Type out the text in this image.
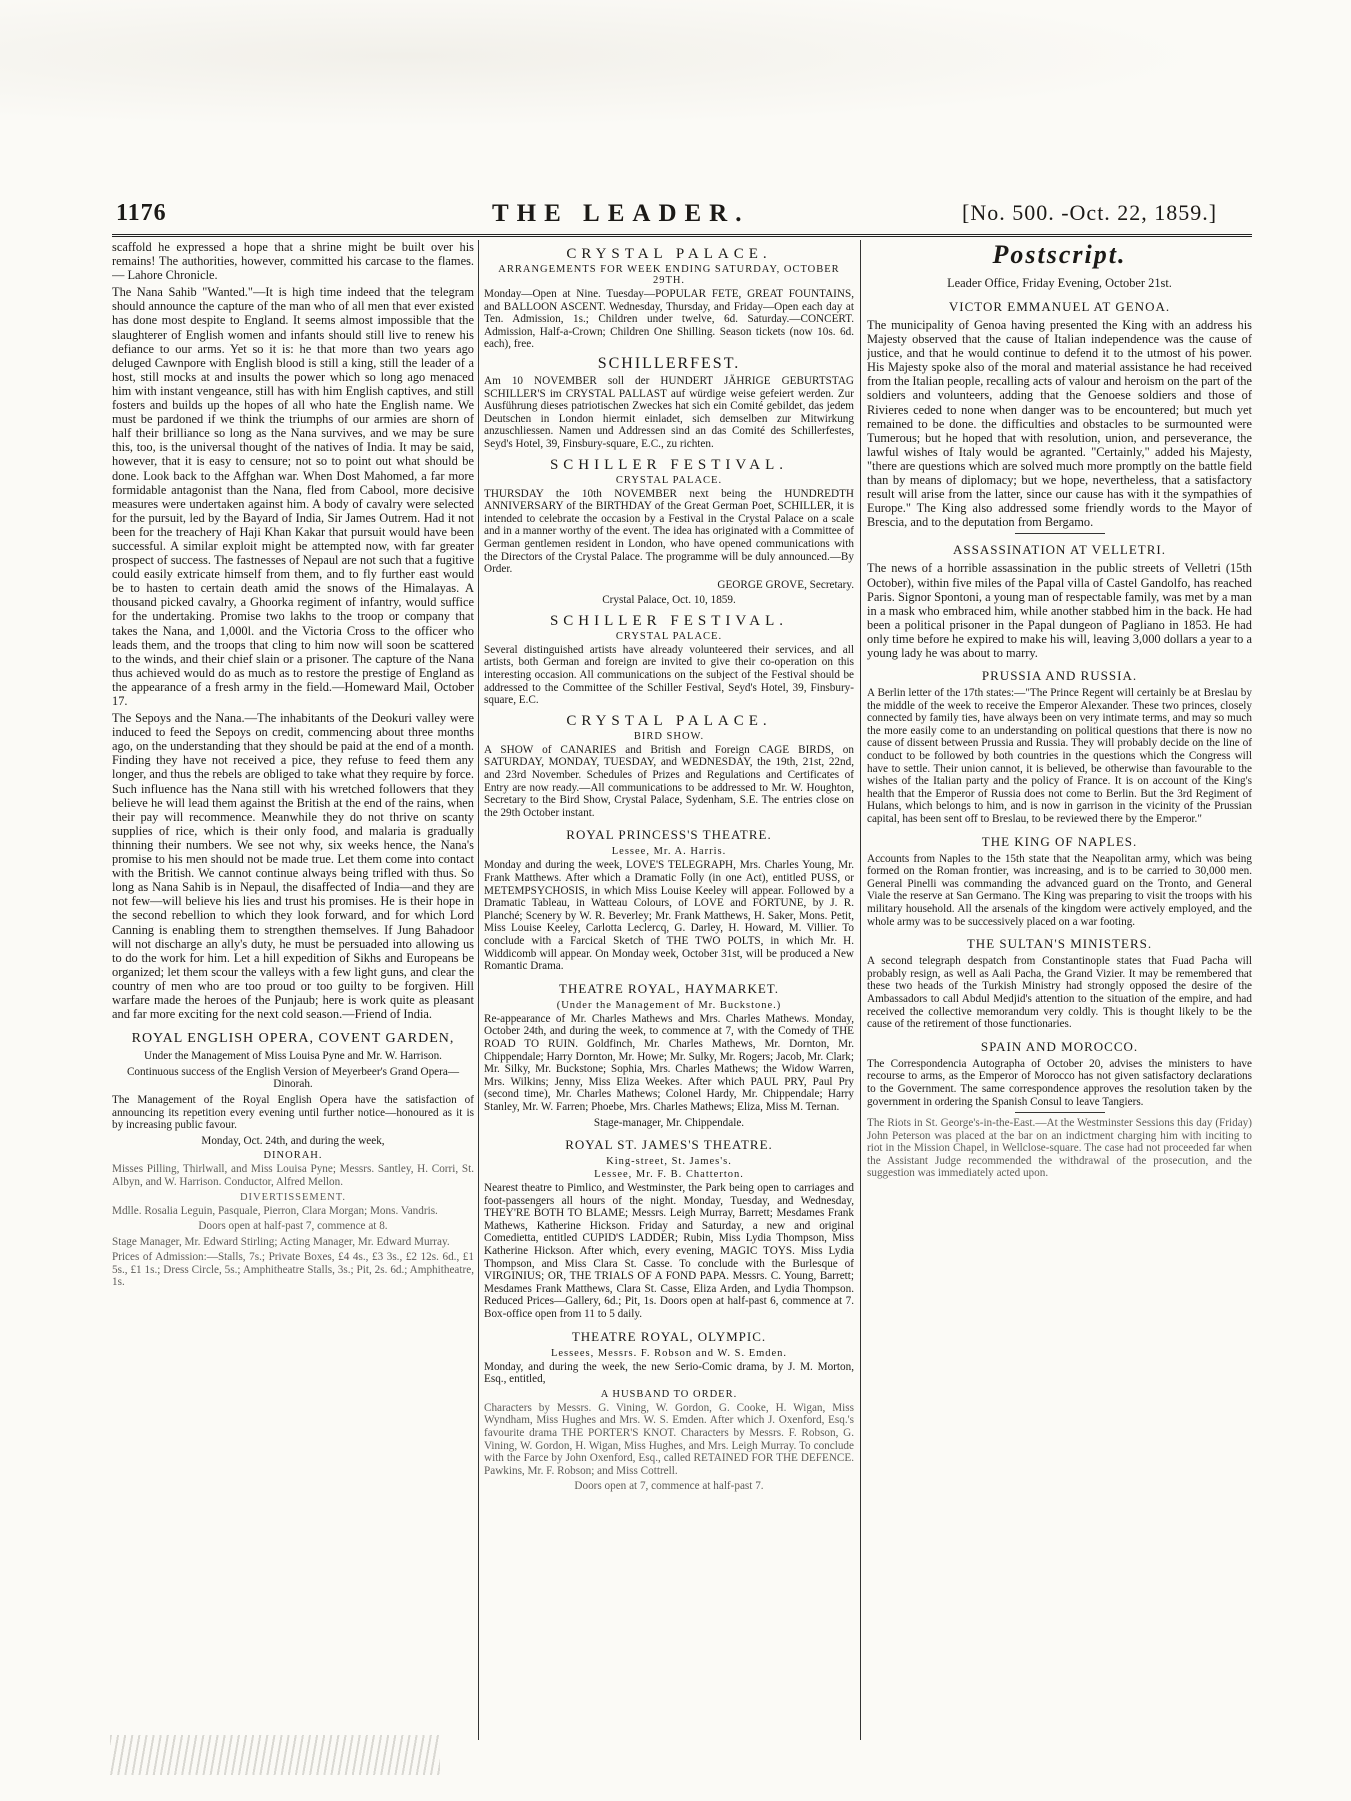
1176	THE LEADER.	[No. 500. -Oct. 22, 1859.]

scaffold he expressed a hope that a shrine might be built over his remains! The authorities, however, committed his carcase to the flames. — Lahore Chronicle.

The Nana Sahib "Wanted."—It is high time indeed that the telegram should announce the capture of the man who of all men that ever existed has done most despite to England. It seems almost impossible that the slaughterer of English women and infants should still live to renew his defiance to our arms. Yet so it is: he that more than two years ago deluged Cawnpore with English blood is still a king, still the leader of a host, still mocks at and insults the power which so long ago menaced him with instant vengeance, still has with him English captives, and still fosters and builds up the hopes of all who hate the English name. We must be pardoned if we think the triumphs of our armies are shorn of half their brilliance so long as the Nana survives, and we may be sure this, too, is the universal thought of the natives of India. It may be said, however, that it is easy to censure; not so to point out what should be done. Look back to the Affghan war. When Dost Mahomed, a far more formidable antagonist than the Nana, fled from Cabool, more decisive measures were undertaken against him. A body of cavalry were selected for the pursuit, led by the Bayard of India, Sir James Outrem. Had it not been for the treachery of Haji Khan Kakar that pursuit would have been successful. A similar exploit might be attempted now, with far greater prospect of success. The fastnesses of Nepaul are not such that a fugitive could easily extricate himself from them, and to fly further east would be to hasten to certain death amid the snows of the Himalayas. A thousand picked cavalry, a Ghoorka regiment of infantry, would suffice for the undertaking. Promise two lakhs to the troop or company that takes the Nana, and 1,000l. and the Victoria Cross to the officer who leads them, and the troops that cling to him now will soon be scattered to the winds, and their chief slain or a prisoner. The capture of the Nana thus achieved would do as much as to restore the prestige of England as the appearance of a fresh army in the field.—Homeward Mail, October 17.

The Sepoys and the Nana.—The inhabitants of the Deokuri valley were induced to feed the Sepoys on credit, commencing about three months ago, on the understanding that they should be paid at the end of a month. Finding they have not received a pice, they refuse to feed them any longer, and thus the rebels are obliged to take what they require by force. Such influence has the Nana still with his wretched followers that they believe he will lead them against the British at the end of the rains, when their pay will recommence. Meanwhile they do not thrive on scanty supplies of rice, which is their only food, and malaria is gradually thinning their numbers. We see not why, six weeks hence, the Nana's promise to his men should not be made true. Let them come into contact with the British. We cannot continue always being trifled with thus. So long as Nana Sahib is in Nepaul, the disaffected of India—and they are not few—will believe his lies and trust his promises. He is their hope in the second rebellion to which they look forward, and for which Lord Canning is enabling them to strengthen themselves. If Jung Bahadoor will not discharge an ally's duty, he must be persuaded into allowing us to do the work for him. Let a hill expedition of Sikhs and Europeans be organized; let them scour the valleys with a few light guns, and clear the country of men who are too proud or too guilty to be forgiven. Hill warfare made the heroes of the Punjaub; here is work quite as pleasant and far more exciting for the next cold season.—Friend of India.

ROYAL ENGLISH OPERA, COVENT GARDEN,

Under the Management of Miss Louisa Pyne and Mr. W. Harrison.

Continuous success of the English Version of Meyerbeer's Grand Opera—Dinorah.

The Management of the Royal English Opera have the satisfaction of announcing its repetition every evening until further notice—honoured as it is by increasing public favour.

Monday, Oct. 24th, and during the week,

DINORAH.

Misses Pilling, Thirlwall, and Miss Louisa Pyne; Messrs. Santley, H. Corri, St. Albyn, and W. Harrison. Conductor, Alfred Mellon.

DIVERTISSEMENT.

Mdlle. Rosalia Leguin, Pasquale, Pierron, Clara Morgan; Mons. Vandris.

Doors open at half-past 7, commence at 8.

Stage Manager, Mr. Edward Stirling; Acting Manager, Mr. Edward Murray.

Prices of Admission:—Stalls, 7s.; Private Boxes, £4 4s., £3 3s., £2 12s. 6d., £1 5s., £1 1s.; Dress Circle, 5s.; Amphitheatre Stalls, 3s.; Pit, 2s. 6d.; Amphitheatre, 1s.

CRYSTAL PALACE.
ARRANGEMENTS FOR WEEK ENDING SATURDAY, OCTOBER 29TH.

Monday—Open at Nine. Tuesday—POPULAR FETE, GREAT FOUNTAINS, and BALLOON ASCENT. Wednesday, Thursday, and Friday—Open each day at Ten. Admission, 1s.; Children under twelve, 6d. Saturday.—CONCERT. Admission, Half-a-Crown; Children One Shilling. Season tickets (now 10s. 6d. each), free.

SCHILLERFEST.

Am 10 NOVEMBER soll der HUNDERT JÄHRIGE GEBURTSTAG SCHILLER'S im CRYSTAL PALLAST auf würdige weise gefeiert werden. Zur Ausführung dieses patriotischen Zweckes hat sich ein Comité gebildet, das jedem Deutschen in London hiermit einladet, sich demselben zur Mitwirkung anzuschliessen. Namen und Addressen sind an das Comité des Schillerfestes, Seyd's Hotel, 39, Finsbury-square, E.C., zu richten.

SCHILLER FESTIVAL.
CRYSTAL PALACE.

THURSDAY the 10th NOVEMBER next being the HUNDREDTH ANNIVERSARY of the BIRTHDAY of the Great German Poet, SCHILLER, it is intended to celebrate the occasion by a Festival in the Crystal Palace on a scale and in a manner worthy of the event. The idea has originated with a Committee of German gentlemen resident in London, who have opened communications with the Directors of the Crystal Palace. The programme will be duly announced.—By Order.

GEORGE GROVE, Secretary.

Crystal Palace, Oct. 10, 1859.

SCHILLER FESTIVAL.
CRYSTAL PALACE.

Several distinguished artists have already volunteered their services, and all artists, both German and foreign are invited to give their co-operation on this interesting occasion. All communications on the subject of the Festival should be addressed to the Committee of the Schiller Festival, Seyd's Hotel, 39, Finsbury-square, E.C.

CRYSTAL PALACE.
BIRD SHOW.

A SHOW of CANARIES and British and Foreign CAGE BIRDS, on SATURDAY, MONDAY, TUESDAY, and WEDNESDAY, the 19th, 21st, 22nd, and 23rd November. Schedules of Prizes and Regulations and Certificates of Entry are now ready.—All communications to be addressed to Mr. W. Houghton, Secretary to the Bird Show, Crystal Palace, Sydenham, S.E. The entries close on the 29th October instant.

ROYAL PRINCESS'S THEATRE.
Lessee, Mr. A. Harris.

Monday and during the week, LOVE'S TELEGRAPH, Mrs. Charles Young, Mr. Frank Matthews. After which a Dramatic Folly (in one Act), entitled PUSS, or METEMPSYCHOSIS, in which Miss Louise Keeley will appear. Followed by a Dramatic Tableau, in Watteau Colours, of LOVE and FORTUNE, by J. R. Planché; Scenery by W. R. Beverley; Mr. Frank Matthews, H. Saker, Mons. Petit, Miss Louise Keeley, Carlotta Leclercq, G. Darley, H. Howard, M. Villier. To conclude with a Farcical Sketch of THE TWO POLTS, in which Mr. H. Widdicomb will appear. On Monday week, October 31st, will be produced a New Romantic Drama.

THEATRE ROYAL, HAYMARKET.
(Under the Management of Mr. Buckstone.)

Re-appearance of Mr. Charles Mathews and Mrs. Charles Mathews. Monday, October 24th, and during the week, to commence at 7, with the Comedy of THE ROAD TO RUIN. Goldfinch, Mr. Charles Mathews, Mr. Dornton, Mr. Chippendale; Harry Dornton, Mr. Howe; Mr. Sulky, Mr. Rogers; Jacob, Mr. Clark; Mr. Silky, Mr. Buckstone; Sophia, Mrs. Charles Mathews; the Widow Warren, Mrs. Wilkins; Jenny, Miss Eliza Weekes. After which PAUL PRY, Paul Pry (second time), Mr. Charles Mathews; Colonel Hardy, Mr. Chippendale; Harry Stanley, Mr. W. Farren; Phoebe, Mrs. Charles Mathews; Eliza, Miss M. Ternan.

Stage-manager, Mr. Chippendale.

ROYAL ST. JAMES'S THEATRE.
King-street, St. James's.
Lessee, Mr. F. B. Chatterton.

Nearest theatre to Pimlico, and Westminster, the Park being open to carriages and foot-passengers all hours of the night. Monday, Tuesday, and Wednesday, THEY'RE BOTH TO BLAME; Messrs. Leigh Murray, Barrett; Mesdames Frank Mathews, Katherine Hickson. Friday and Saturday, a new and original Comedietta, entitled CUPID'S LADDER; Rubin, Miss Lydia Thompson, Miss Katherine Hickson. After which, every evening, MAGIC TOYS. Miss Lydia Thompson, and Miss Clara St. Casse. To conclude with the Burlesque of VIRGINIUS; OR, THE TRIALS OF A FOND PAPA. Messrs. C. Young, Barrett; Mesdames Frank Matthews, Clara St. Casse, Eliza Arden, and Lydia Thompson. Reduced Prices—Gallery, 6d.; Pit, 1s. Doors open at half-past 6, commence at 7. Box-office open from 11 to 5 daily.

THEATRE ROYAL, OLYMPIC.
Lessees, Messrs. F. Robson and W. S. Emden.

Monday, and during the week, the new Serio-Comic drama, by J. M. Morton, Esq., entitled,

A HUSBAND TO ORDER.

Characters by Messrs. G. Vining, W. Gordon, G. Cooke, H. Wigan, Miss Wyndham, Miss Hughes and Mrs. W. S. Emden. After which J. Oxenford, Esq.'s favourite drama THE PORTER'S KNOT. Characters by Messrs. F. Robson, G. Vining, W. Gordon, H. Wigan, Miss Hughes, and Mrs. Leigh Murray. To conclude with the Farce by John Oxenford, Esq., called RETAINED FOR THE DEFENCE. Pawkins, Mr. F. Robson; and Miss Cottrell.

Doors open at 7, commence at half-past 7.

Postscript.
Leader Office, Friday Evening, October 21st.
VICTOR EMMANUEL AT GENOA.

The municipality of Genoa having presented the King with an address his Majesty observed that the cause of Italian independence was the cause of justice, and that he would continue to defend it to the utmost of his power. His Majesty spoke also of the moral and material assistance he had received from the Italian people, recalling acts of valour and heroism on the part of the soldiers and volunteers, adding that the Genoese soldiers and those of Rivieres ceded to none when danger was to be encountered; but much yet remained to be done. the difficulties and obstacles to be surmounted were Tumerous; but he hoped that with resolution, union, and perseverance, the lawful wishes of Italy would be agranted. "Certainly," added his Majesty, "there are questions which are solved much more promptly on the battle field than by means of diplomacy; but we hope, nevertheless, that a satisfactory result will arise from the latter, since our cause has with it the sympathies of Europe." The King also addressed some friendly words to the Mayor of Brescia, and to the deputation from Bergamo.

ASSASSINATION AT VELLETRI.

The news of a horrible assassination in the public streets of Velletri (15th October), within five miles of the Papal villa of Castel Gandolfo, has reached Paris. Signor Spontoni, a young man of respectable family, was met by a man in a mask who embraced him, while another stabbed him in the back. He had been a political prisoner in the Papal dungeon of Pagliano in 1853. He had only time before he expired to make his will, leaving 3,000 dollars a year to a young lady he was about to marry.

PRUSSIA AND RUSSIA.

A Berlin letter of the 17th states:—"The Prince Regent will certainly be at Breslau by the middle of the week to receive the Emperor Alexander. These two princes, closely connected by family ties, have always been on very intimate terms, and may so much the more easily come to an understanding on political questions that there is now no cause of dissent between Prussia and Russia. They will probably decide on the line of conduct to be followed by both countries in the questions which the Congress will have to settle. Their union cannot, it is believed, be otherwise than favourable to the wishes of the Italian party and the policy of France. It is on account of the King's health that the Emperor of Russia does not come to Berlin. But the 3rd Regiment of Hulans, which belongs to him, and is now in garrison in the vicinity of the Prussian capital, has been sent off to Breslau, to be reviewed there by the Emperor."

THE KING OF NAPLES.

Accounts from Naples to the 15th state that the Neapolitan army, which was being formed on the Roman frontier, was increasing, and is to be carried to 30,000 men. General Pinelli was commanding the advanced guard on the Tronto, and General Viale the reserve at San Germano. The King was preparing to visit the troops with his military household. All the arsenals of the kingdom were actively employed, and the whole army was to be successively placed on a war footing.

THE SULTAN'S MINISTERS.

A second telegraph despatch from Constantinople states that Fuad Pacha will probably resign, as well as Aali Pacha, the Grand Vizier. It may be remembered that these two heads of the Turkish Ministry had strongly opposed the desire of the Ambassadors to call Abdul Medjid's attention to the situation of the empire, and had received the collective memorandum very coldly. This is thought likely to be the cause of the retirement of those functionaries.

SPAIN AND MOROCCO.

The Correspondencia Autographa of October 20, advises the ministers to have recourse to arms, as the Emperor of Morocco has not given satisfactory declarations to the Government. The same correspondence approves the resolution taken by the government in ordering the Spanish Consul to leave Tangiers.

The Riots in St. George's-in-the-East.—At the Westminster Sessions this day (Friday) John Peterson was placed at the bar on an indictment charging him with inciting to riot in the Mission Chapel, in Wellclose-square. The case had not proceeded far when the Assistant Judge recommended the withdrawal of the prosecution, and the suggestion was immediately acted upon.
